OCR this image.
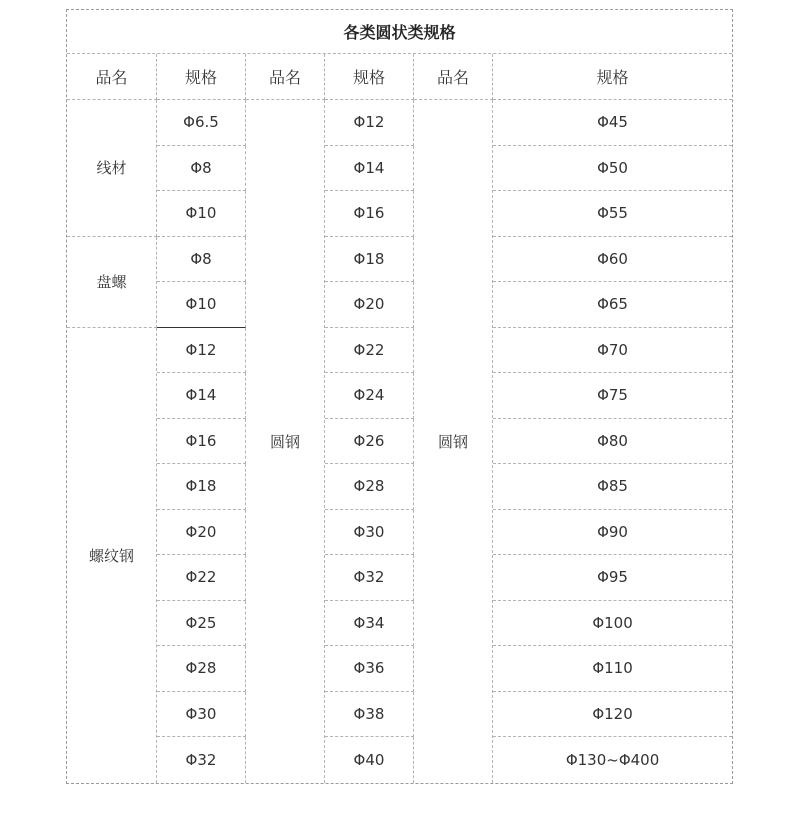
各类圆状类规格					
品名	规格	品名	规格	品名	规格
线材	Φ6.5	圆钢	Φ12	圆钢	Φ45
	Φ8		Φ14		Φ50
	Φ10		Φ16		Φ55
盘螺	Φ8		Φ18		Φ60
	Φ10		Φ20		Φ65
螺纹钢	Φ12		Φ22		Φ70
	Φ14		Φ24		Φ75
	Φ16		Φ26		Φ80
	Φ18		Φ28		Φ85
	Φ20		Φ30		Φ90
	Φ22		Φ32		Φ95
	Φ25		Φ34		Φ100
	Φ28		Φ36		Φ110
	Φ30		Φ38		Φ120
	Φ32		Φ40		Φ130~Φ400
